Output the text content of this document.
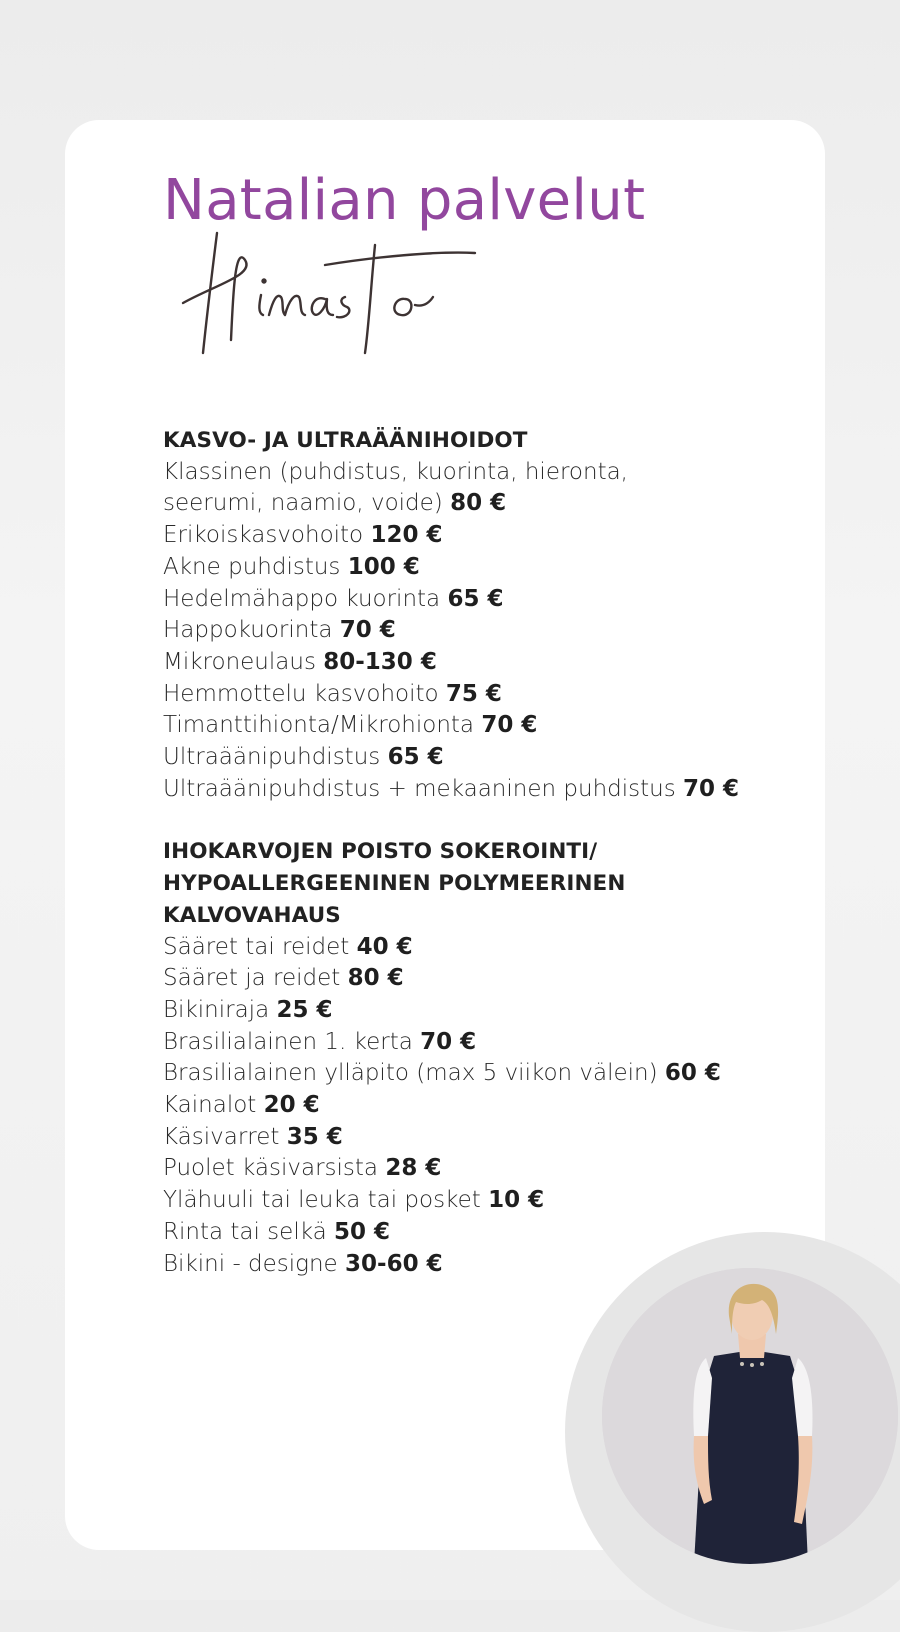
Natalian palvelut
KASVO- JA ULTRAÄÄNIHOIDOT
Klassinen (puhdistus, kuorinta, hieronta,
seerumi, naamio, voide) 80 €
Erikoiskasvohoito 120 €
Akne puhdistus 100 €
Hedelmähappo kuorinta 65 €
Happokuorinta 70 €
Mikroneulaus 80-130 €
Hemmottelu kasvohoito 75 €
Timanttihionta/Mikrohionta 70 €
Ultraäänipuhdistus 65 €
Ultraäänipuhdistus + mekaaninen puhdistus 70 €
IHOKARVOJEN POISTO SOKEROINTI/
HYPOALLERGEENINEN POLYMEERINEN
KALVOVAHAUS
Sääret tai reidet 40 €
Sääret ja reidet 80 €
Bikiniraja 25 €
Brasilialainen 1. kerta 70 €
Brasilialainen ylläpito (max 5 viikon välein) 60 €
Kainalot 20 €
Käsivarret 35 €
Puolet käsivarsista 28 €
Ylähuuli tai leuka tai posket 10 €
Rinta tai selkä 50 €
Bikini - designe 30-60 €
